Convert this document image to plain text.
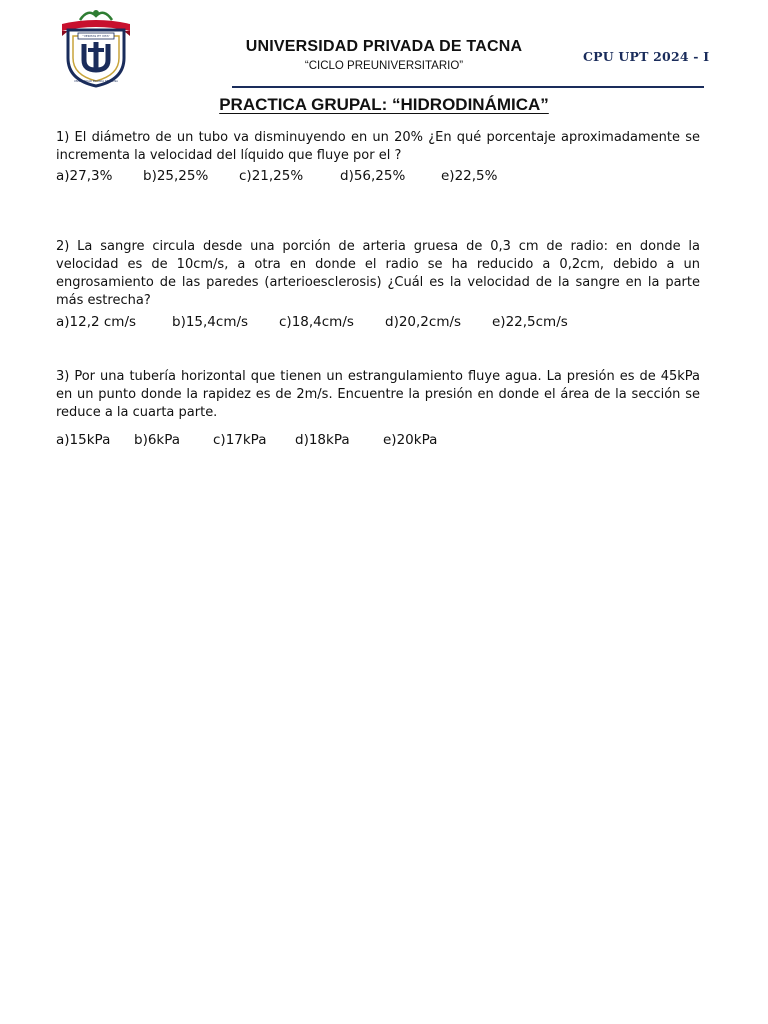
“VERITAS ET VITA”
UNIVERSIDAD PRIVADA DE TACNA
UNIVERSIDAD PRIVADA DE TACNA
“CICLO PREUNIVERSITARIO”
CPU UPT 2024 - I
PRACTICA GRUPAL: “HIDRODINÁMICA”
1) El diámetro de un tubo va disminuyendo en un 20% ¿En qué porcentaje aproximadamente se incrementa la velocidad del líquido que fluye por el ?
a)27,3% b)25,25% c)21,25%	d)56,25%	e)22,5%
2) La sangre circula desde una porción de arteria gruesa de 0,3 cm de radio: en donde la velocidad es de 10cm/s, a otra en donde el radio se ha reducido a 0,2cm, debido a un engrosamiento de las paredes (arterioesclerosis) ¿Cuál es la velocidad de la sangre en la parte más estrecha?
a)12,2 cm/s	b)15,4cm/s c)18,4cm/s d)20,2cm/s e)22,5cm/s
3) Por una tubería horizontal que tienen un estrangulamiento fluye agua. La presión es de 45kPa en un punto donde la rapidez es de 2m/s. Encuentre la presión en donde el área de la sección se reduce a la cuarta parte.
a)15kPa b)6kPa c)17kPa d)18kPa e)20kPa
